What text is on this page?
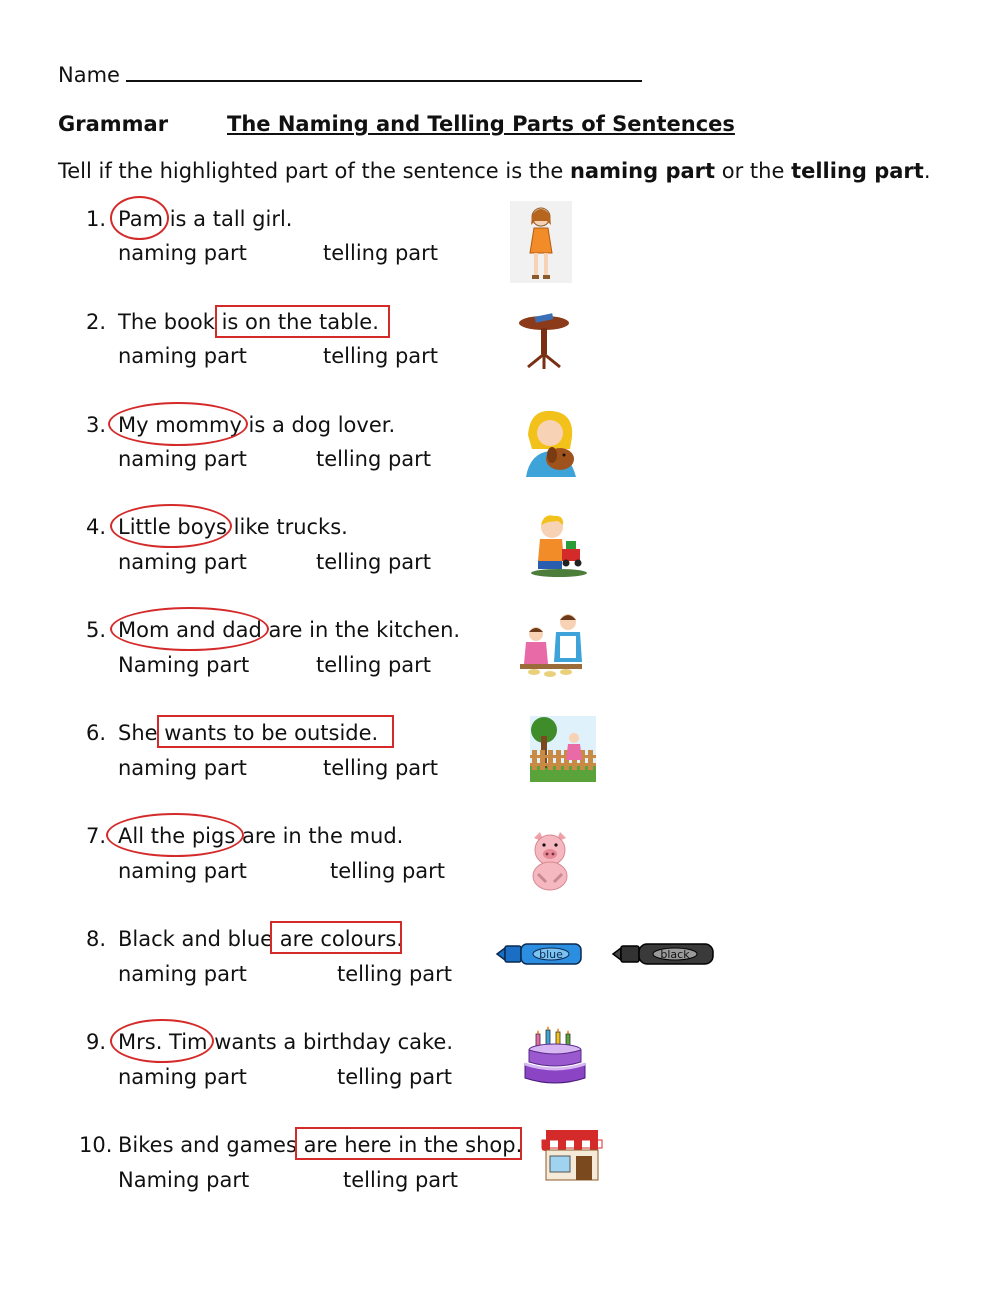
Name
Grammar	The Naming and Telling Parts of Sentences
Tell if the highlighted part of the sentence is the naming part or the telling part.
1. Pam is a tall girl.
naming part	telling part
2. The book is on the table.
naming part	telling part
3. My mommy is a dog lover.
naming part	telling part
4. Little boys like trucks.
naming part	telling part
5. Mom and dad are in the kitchen.
Naming part	telling part
6. She wants to be outside.
naming part	telling part
7. All the pigs are in the mud.
naming part	telling part
8. Black and blue are colours.
naming part	telling part
blue	black
9. Mrs. Tim wants a birthday cake.
naming part	telling part
10. Bikes and games are here in the shop.
Naming part	telling part
